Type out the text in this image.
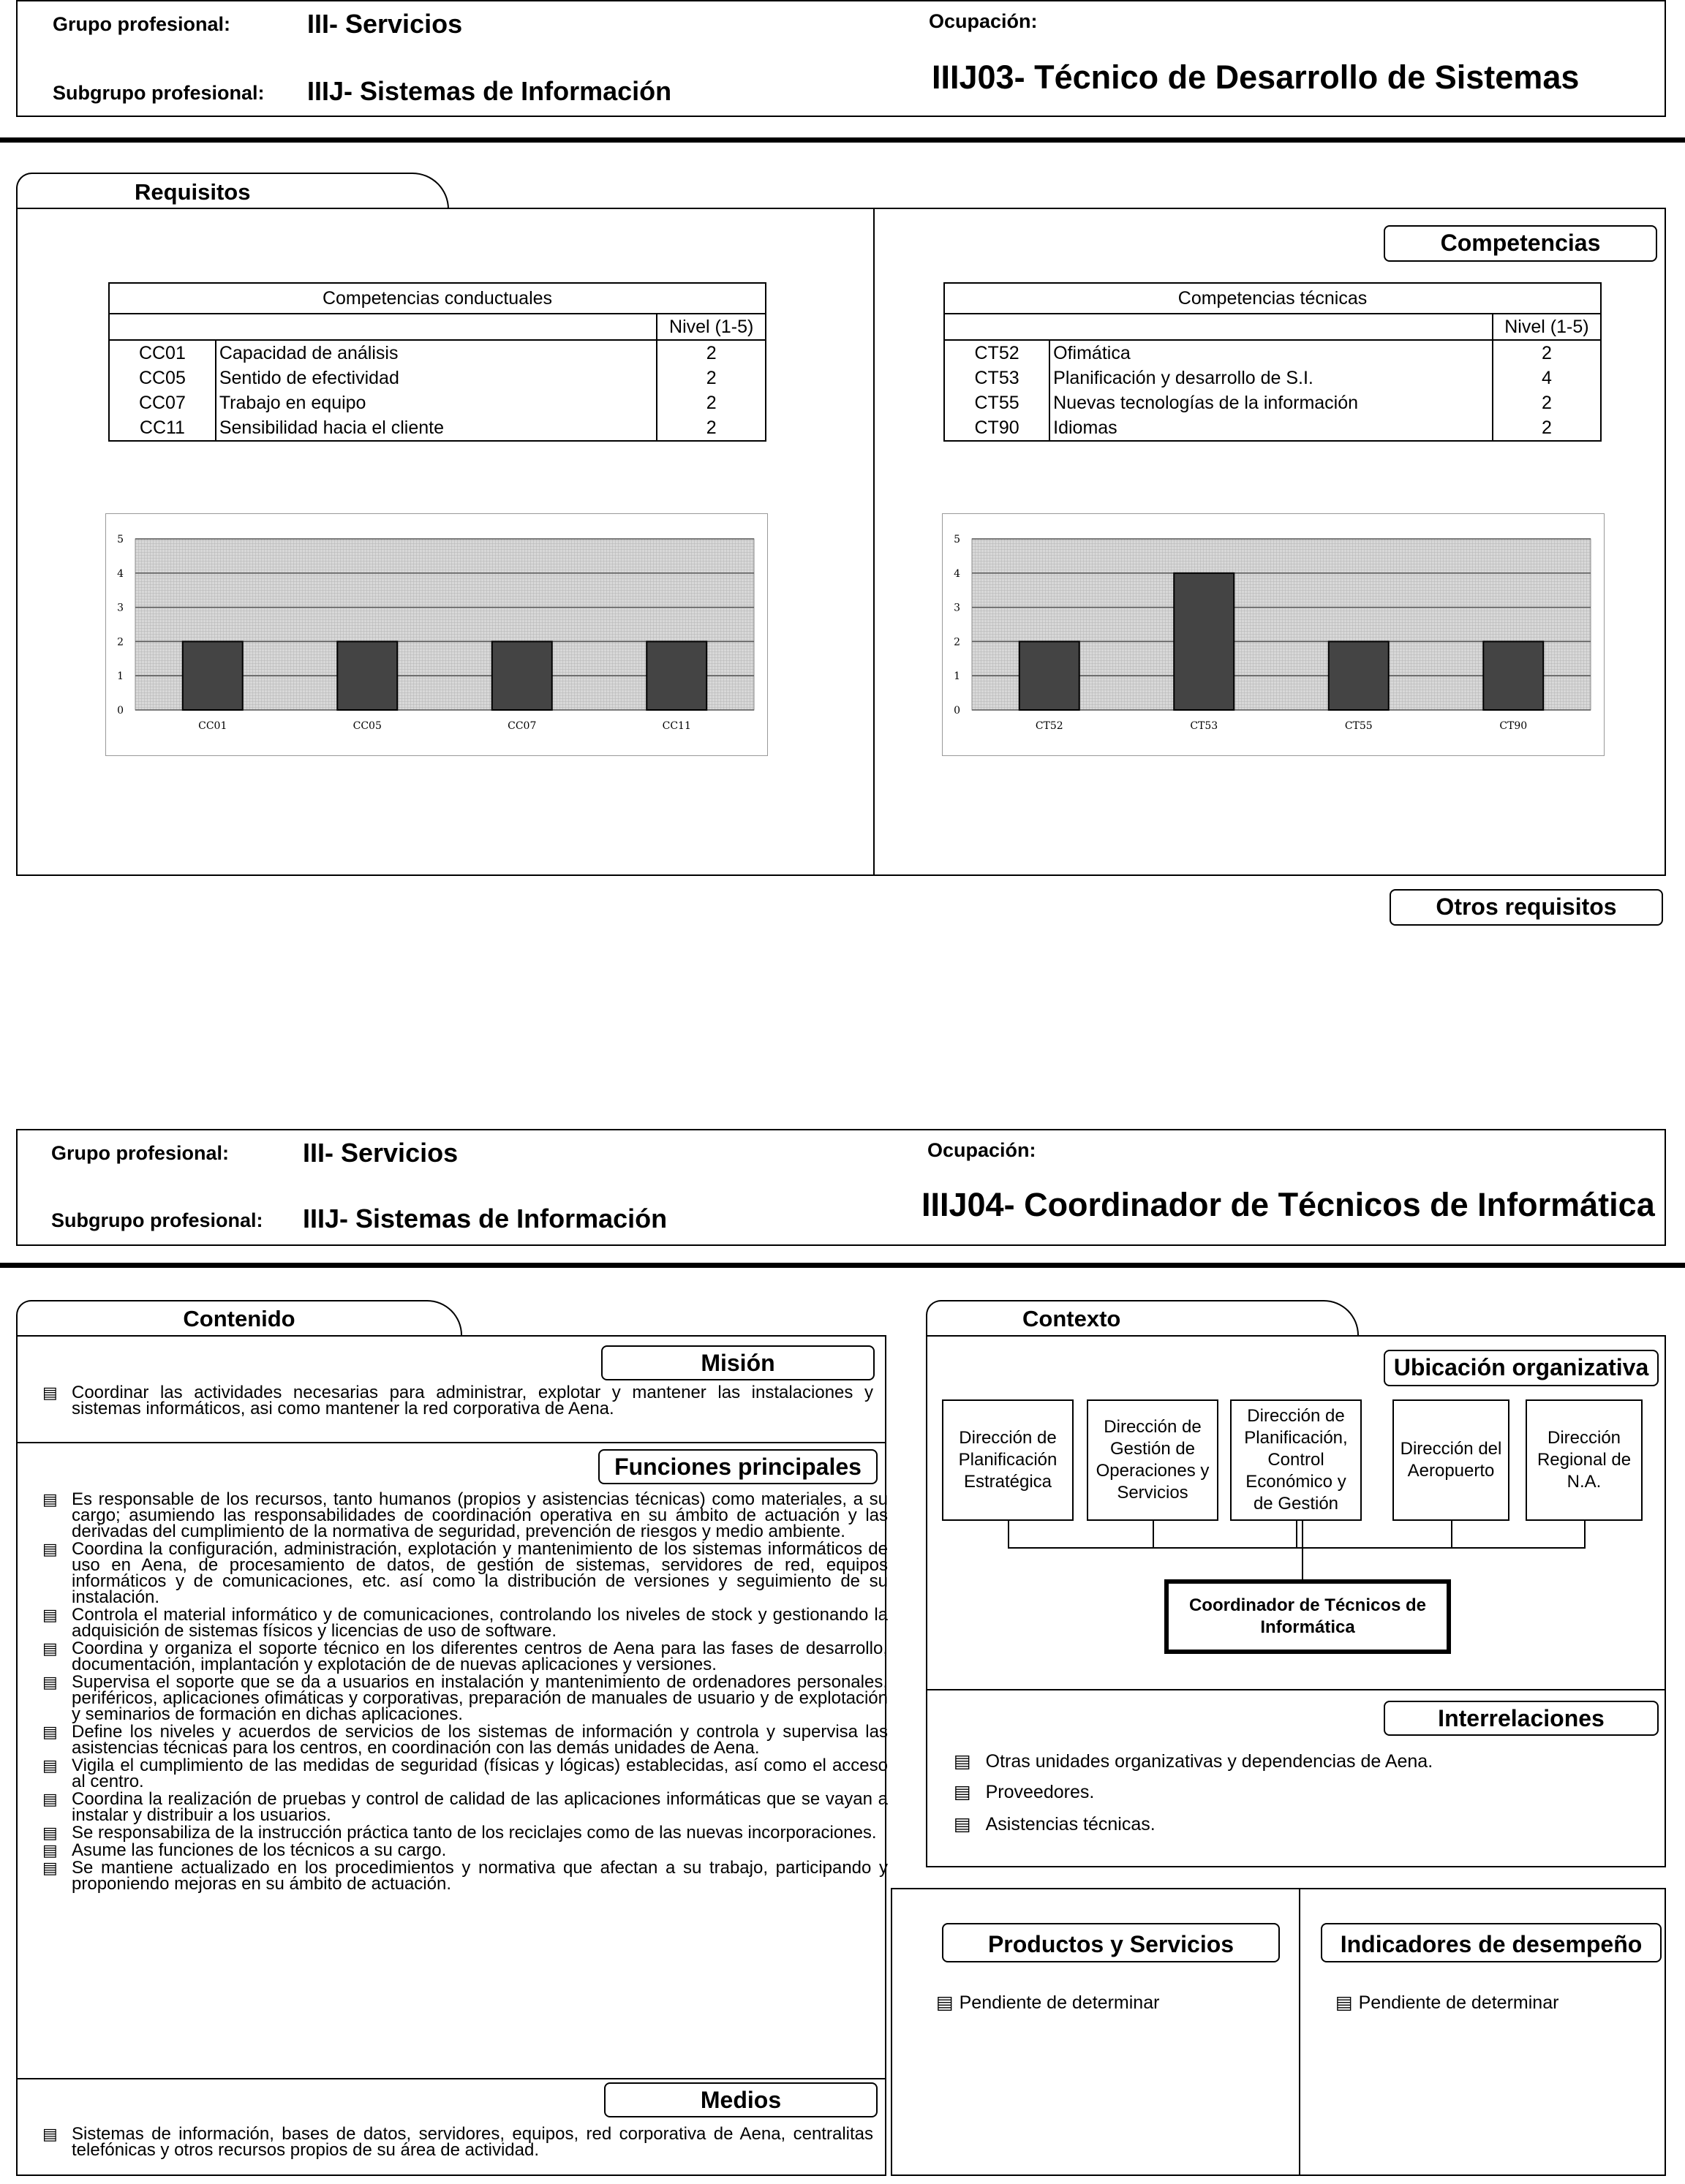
Grupo profesional:	III- Servicios
Subgrupo profesional: IIIJ- Sistemas de Información
Ocupación:
IIIJ03- Técnico de Desarrollo de Sistemas
Requisitos
Competencias
Competencias conductuales		
		Nivel (1-5)
CC01	Capacidad de análisis	2
CC05	Sentido de efectividad	2
CC07	Trabajo en equipo	2
CC11	Sensibilidad hacia el cliente	2
Competencias técnicas		
		Nivel (1-5)
CT52	Ofimática	2
CT53	Planificación y desarrollo de S.I.	4
CT55	Nuevas tecnologías de la información	2
CT90	Idiomas	2
0
1
2
3
4
5
CC01	CC05	CC07	CC11
0
1
2
3
4
5
CT52	CT53	CT55	CT90
Otros requisitos
Grupo profesional:	III- Servicios
Subgrupo profesional: IIIJ- Sistemas de Información
Ocupación:
IIIJ04- Coordinador de Técnicos de Informática
Contenido
Misión
▤ Coordinar las actividades necesarias para administrar, explotar y mantener las instalaciones y sistemas informáticos, asi como mantener la red corporativa de Aena.
Funciones principales
▤ Es responsable de los recursos, tanto humanos (propios y asistencias técnicas) como materiales, a su cargo; asumiendo las responsabilidades de coordinación operativa en su ámbito de actuación y las derivadas del cumplimiento de la normativa de seguridad, prevención de riesgos y medio ambiente.
▤ Coordina la configuración, administración, explotación y mantenimiento de los sistemas informáticos de uso en Aena, de procesamiento de datos, de gestión de sistemas, servidores de red, equipos informáticos y de comunicaciones, etc. así como la distribución de versiones y seguimiento de su instalación.
▤ Controla el material informático y de comunicaciones, controlando los niveles de stock y gestionando la adquisición de sistemas físicos y licencias de uso de software.
▤ Coordina y organiza el soporte técnico en los diferentes centros de Aena para las fases de desarrollo, documentación, implantación y explotación de de nuevas aplicaciones y versiones.
▤ Supervisa el soporte que se da a usuarios en instalación y mantenimiento de ordenadores personales, periféricos, aplicaciones ofimáticas y corporativas, preparación de manuales de usuario y de explotación y seminarios de formación en dichas aplicaciones.
▤ Define los niveles y acuerdos de servicios de los sistemas de información y controla y supervisa las asistencias técnicas para los centros, en coordinación con las demás unidades de Aena.
▤ Vigila el cumplimiento de las medidas de seguridad (físicas y lógicas) establecidas, así como el acceso al centro.
▤ Coordina la realización de pruebas y control de calidad de las aplicaciones informáticas que se vayan a instalar y distribuir a los usuarios.
▤ Se responsabiliza de la instrucción práctica tanto de los reciclajes como de las nuevas incorporaciones.
▤ Asume las funciones de los técnicos a su cargo.
▤ Se mantiene actualizado en los procedimientos y normativa que afectan a su trabajo, participando y proponiendo mejoras en su ámbito de actuación.
Medios
▤ Sistemas de información, bases de datos, servidores, equipos, red corporativa de Aena, centralitas telefónicas y otros recursos propios de su área de actividad.
Contexto
Ubicación organizativa
Dirección de Planificación Estratégica
Dirección de Gestión de Operaciones y Servicios
Dirección de Planificación, Control Económico y de Gestión
Dirección del Aeropuerto
Dirección Regional de N.A.
Coordinador de Técnicos de Informática
Interrelaciones
▤ Otras unidades organizativas y dependencias de Aena.
▤ Proveedores.
▤ Asistencias técnicas.
Productos y Servicios
▤ Pendiente de determinar
Indicadores de desempeño
▤ Pendiente de determinar
